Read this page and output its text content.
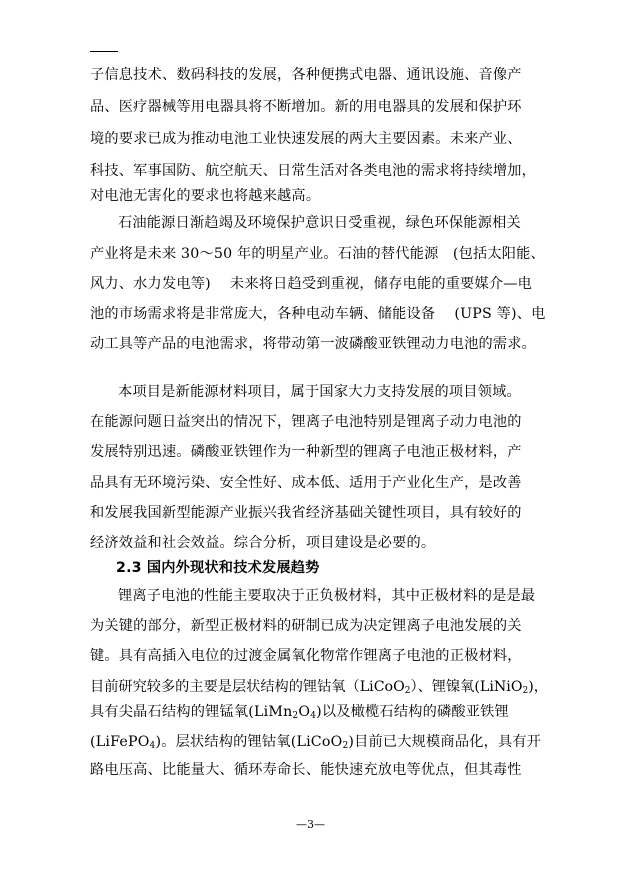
子信息技术、数码科技的发展，各种便携式电器、通讯设施、音像产
品、医疗器械等用电器具将不断增加。新的用电器具的发展和保护环
境的要求已成为推动电池工业快速发展的两大主要因素。未来产业、
科技、军事国防、航空航天、日常生活对各类电池的需求将持续增加，
对电池无害化的要求也将越来越高。
石油能源日渐趋竭及环境保护意识日受重视，绿色环保能源相关
产业将是未来 30～50 年的明星产业。石油的替代能源　(包括太阳能、
风力、水力发电等)　 未来将日趋受到重视，储存电能的重要媒介—电
池的市场需求将是非常庞大，各种电动车辆、储能设备　 (UPS 等)、电
动工具等产品的电池需求，将带动第一波磷酸亚铁锂动力电池的需求。
本项目是新能源材料项目，属于国家大力支持发展的项目领域。
在能源问题日益突出的情况下，锂离子电池特别是锂离子动力电池的
发展特别迅速。磷酸亚铁锂作为一种新型的锂离子电池正极材料，产
品具有无环境污染、安全性好、成本低、适用于产业化生产，是改善
和发展我国新型能源产业振兴我省经济基础关键性项目，具有较好的
经济效益和社会效益。综合分析，项目建设是必要的。
2.3 国内外现状和技术发展趋势
锂离子电池的性能主要取决于正负极材料，其中正极材料的是是最
为关键的部分，新型正极材料的研制已成为决定锂离子电池发展的关
键。具有高插入电位的过渡金属氧化物常作锂离子电池的正极材料，
目前研究较多的主要是层状结构的锂钴氧（LiCoO$_2$）、锂镍氧(LiNiO$_2$)，
具有尖晶石结构的锂锰氧$(LiMn_2O_4)$以及橄榄石结构的磷酸亚铁锂
(LiFePO$_4$)。层状结构的锂钴氧(LiCoO$_2$)目前已大规模商品化，具有开
路电压高、比能量大、循环寿命长、能快速充放电等优点，但其毒性
—3—
